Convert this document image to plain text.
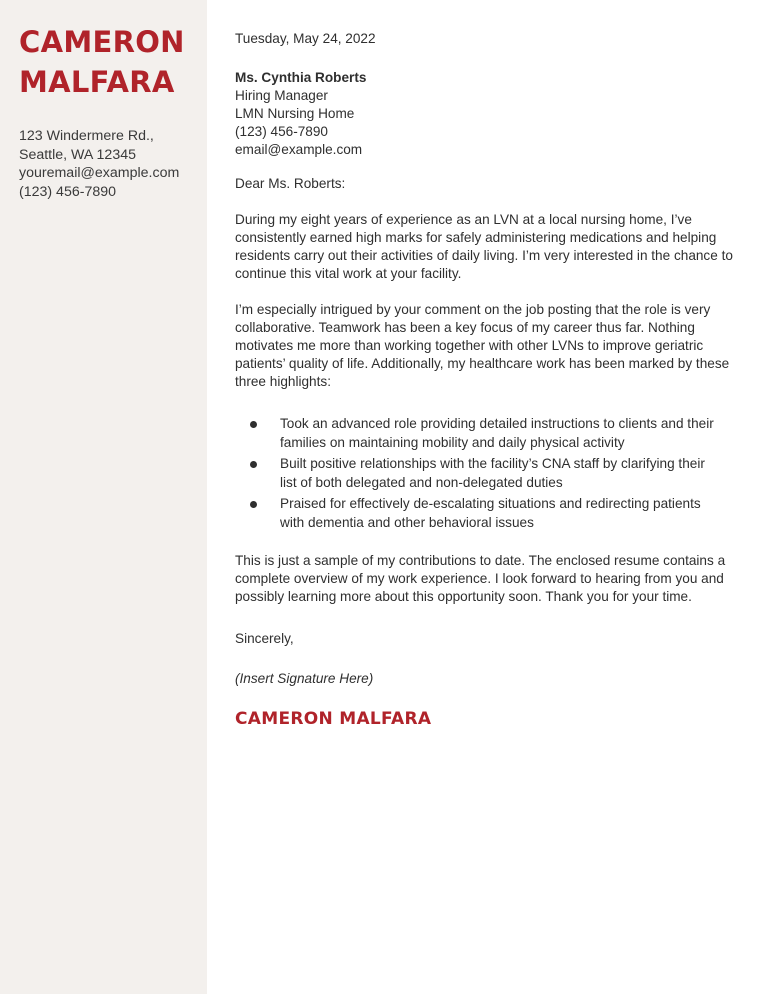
CAMERON
MALFARA
123 Windermere Rd.,
Seattle, WA 12345
youremail@example.com
(123) 456-7890
Tuesday, May 24, 2022
Ms. Cynthia Roberts
Hiring Manager
LMN Nursing Home
(123) 456-7890
email@example.com
Dear Ms. Roberts:

During my eight years of experience as an LVN at a local nursing home, I’ve consistently earned high marks for safely administering medications and helping residents carry out their activities of daily living. I’m very interested in the chance to continue this vital work at your facility.

I’m especially intrigued by your comment on the job posting that the role is very collaborative. Teamwork has been a key focus of my career thus far. Nothing motivates me more than working together with other LVNs to improve geriatric patients’ quality of life. Additionally, my healthcare work has been marked by these three highlights:

Took an advanced role providing detailed instructions to clients and their families on maintaining mobility and daily physical activity
Built positive relationships with the facility’s CNA staff by clarifying their list of both delegated and non-delegated duties
Praised for effectively de-escalating situations and redirecting patients with dementia and other behavioral issues

This is just a sample of my contributions to date. The enclosed resume contains a complete overview of my work experience. I look forward to hearing from you and possibly learning more about this opportunity soon. Thank you for your time.

Sincerely,
(Insert Signature Here)
CAMERON MALFARA
